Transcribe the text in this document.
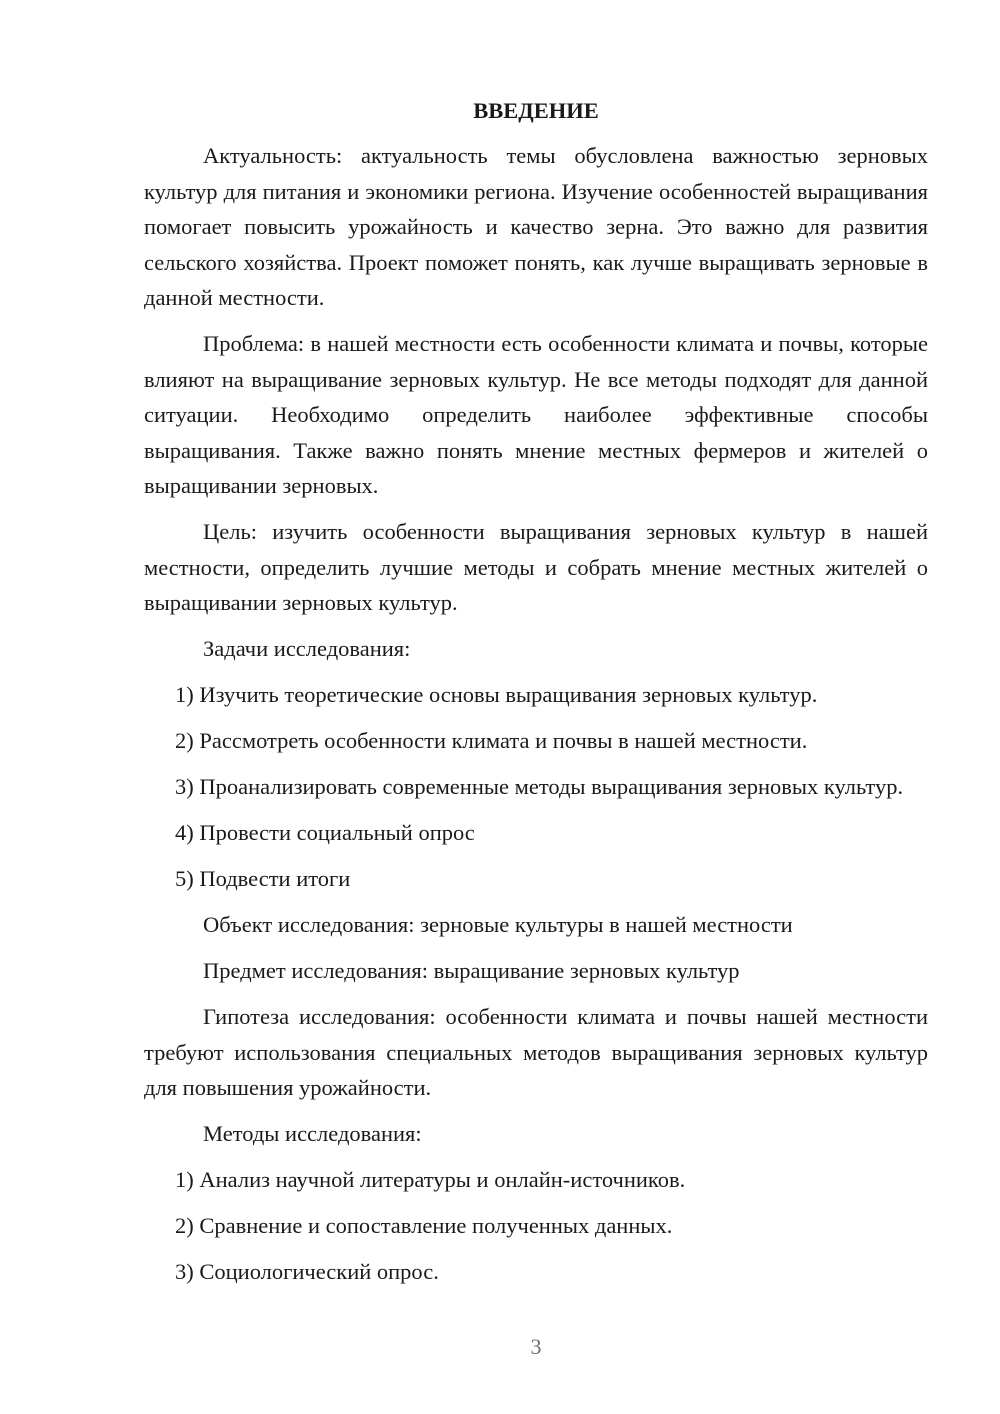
ВВЕДЕНИЕ

Актуальность: актуальность темы обусловлена важностью зерновых культур для питания и экономики региона. Изучение особенностей выращивания помогает повысить урожайность и качество зерна. Это важно для развития сельского хозяйства. Проект поможет понять, как лучше выращивать зерновые в данной местности.

Проблема: в нашей местности есть особенности климата и почвы, которые влияют на выращивание зерновых культур. Не все методы подходят для данной ситуации. Необходимо определить наиболее эффективные способы выращивания. Также важно понять мнение местных фермеров и жителей о выращивании зерновых.

Цель: изучить особенности выращивания зерновых культур в нашей местности, определить лучшие методы и собрать мнение местных жителей о выращивании зерновых культур.

Задачи исследования:

1) Изучить теоретические основы выращивания зерновых культур.

2) Рассмотреть особенности климата и почвы в нашей местности.

3) Проанализировать современные методы выращивания зерновых культур.

4) Провести социальный опрос

5) Подвести итоги

Объект исследования: зерновые культуры в нашей местности
Предмет исследования: выращивание зерновых культур

Гипотеза исследования: особенности климата и почвы нашей местности требуют использования специальных методов выращивания зерновых культур для повышения урожайности.

Методы исследования:

1) Анализ научной литературы и онлайн-источников.

2) Сравнение и сопоставление полученных данных.

3) Социологический опрос.

3
